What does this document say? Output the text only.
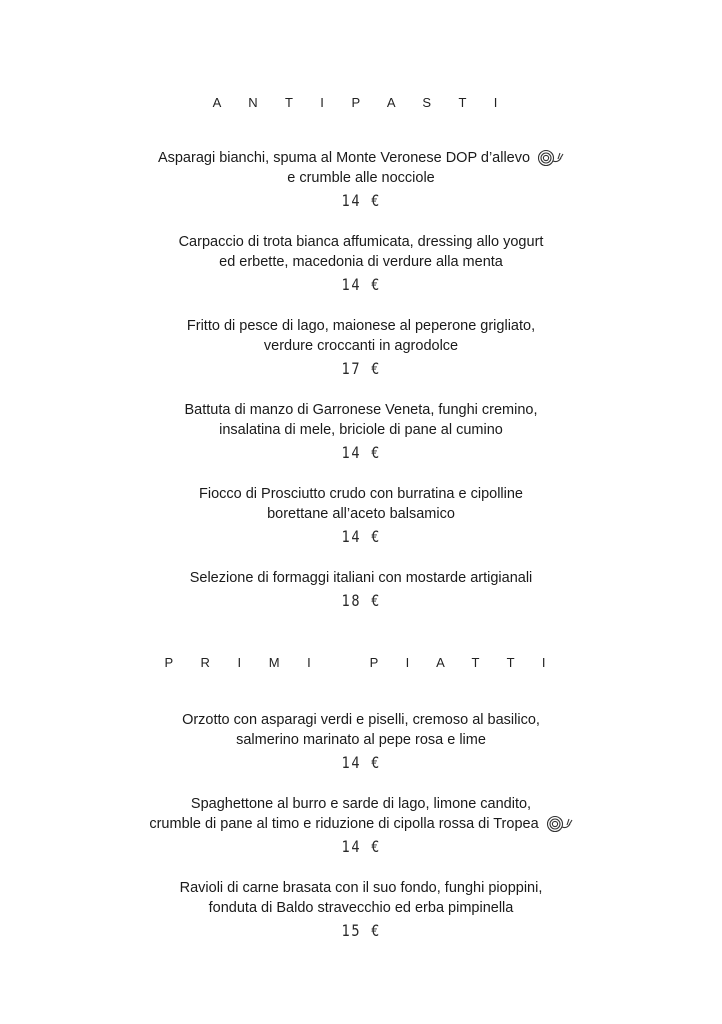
A N T I P A S T I
Asparagi bianchi, spuma al Monte Veronese DOP d’allevo
e crumble alle nocciole
14 €
Carpaccio di trota bianca affumicata, dressing allo yogurt
ed erbette, macedonia di verdure alla menta
14 €
Fritto di pesce di lago, maionese al peperone grigliato,
verdure croccanti in agrodolce
17 €
Battuta di manzo di Garronese Veneta, funghi cremino,
insalatina di mele, briciole di pane al cumino
14 €
Fiocco di Prosciutto crudo con burratina e cipolline
borettane all’aceto balsamico
14 €
Selezione di formaggi italiani con mostarde artigianali
18 €
P R I M I   P I A T T I
Orzotto con asparagi verdi e piselli, cremoso al basilico,
salmerino marinato al pepe rosa e lime
14 €
Spaghettone al burro e sarde di lago, limone candito,
crumble di pane al timo e riduzione di cipolla rossa di Tropea
14 €
Ravioli di carne brasata con il suo fondo, funghi pioppini,
fonduta di Baldo stravecchio ed erba pimpinella
15 €
